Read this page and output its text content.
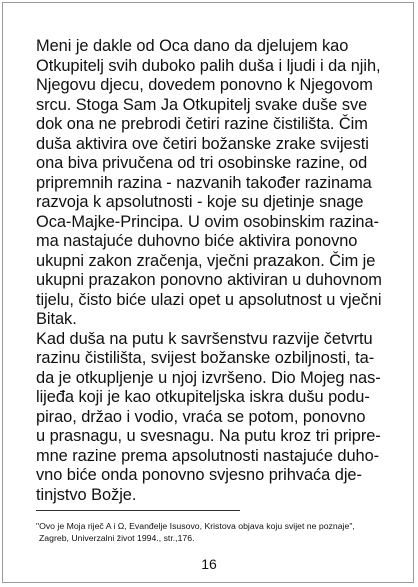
Meni je dakle od Oca dano da djelujem kao
Otkupitelj svih duboko palih duša i ljudi i da njih,
Njegovu djecu, dovedem ponovno k Njegovom
srcu. Stoga Sam Ja Otkupitelj svake duše sve
dok ona ne prebrodi četiri razine čistilišta. Čim
duša aktivira ove četiri božanske zrake svijesti
ona biva privučena od tri osobinske razine, od
pripremnih razina - nazvanih također razinama
razvoja k apsolutnosti - koje su djetinje snage
Oca-Majke-Principa. U ovim osobinskim razina-
ma nastajuće duhovno biće aktivira ponovno
ukupni zakon zračenja, vječni prazakon. Čim je
ukupni prazakon ponovno aktiviran u duhovnom
tijelu, čisto biće ulazi opet u apsolutnost u vječni
Bitak.
Kad duša na putu k savršenstvu razvije četvrtu
razinu čistilišta, svijest božanske ozbiljnosti, ta-
da je otkupljenje u njoj izvršeno. Dio Mojeg nas-
lijeđa koji je kao otkupiteljska iskra dušu podu-
pirao, držao i vodio, vraća se potom, ponovno
u prasnagu, u svesnagu. Na putu kroz tri pripre-
mne razine prema apsolutnosti nastajuće duho-
vno biće onda ponovno svjesno prihvaća dje-
tinjstvo Božje.
"Ovo je Moja riječ A i Ω, Evanđelje Isusovo, Kristova objava koju svijet ne poznaje",
Zagreb, Univerzalni život 1994., str.,176.
16
